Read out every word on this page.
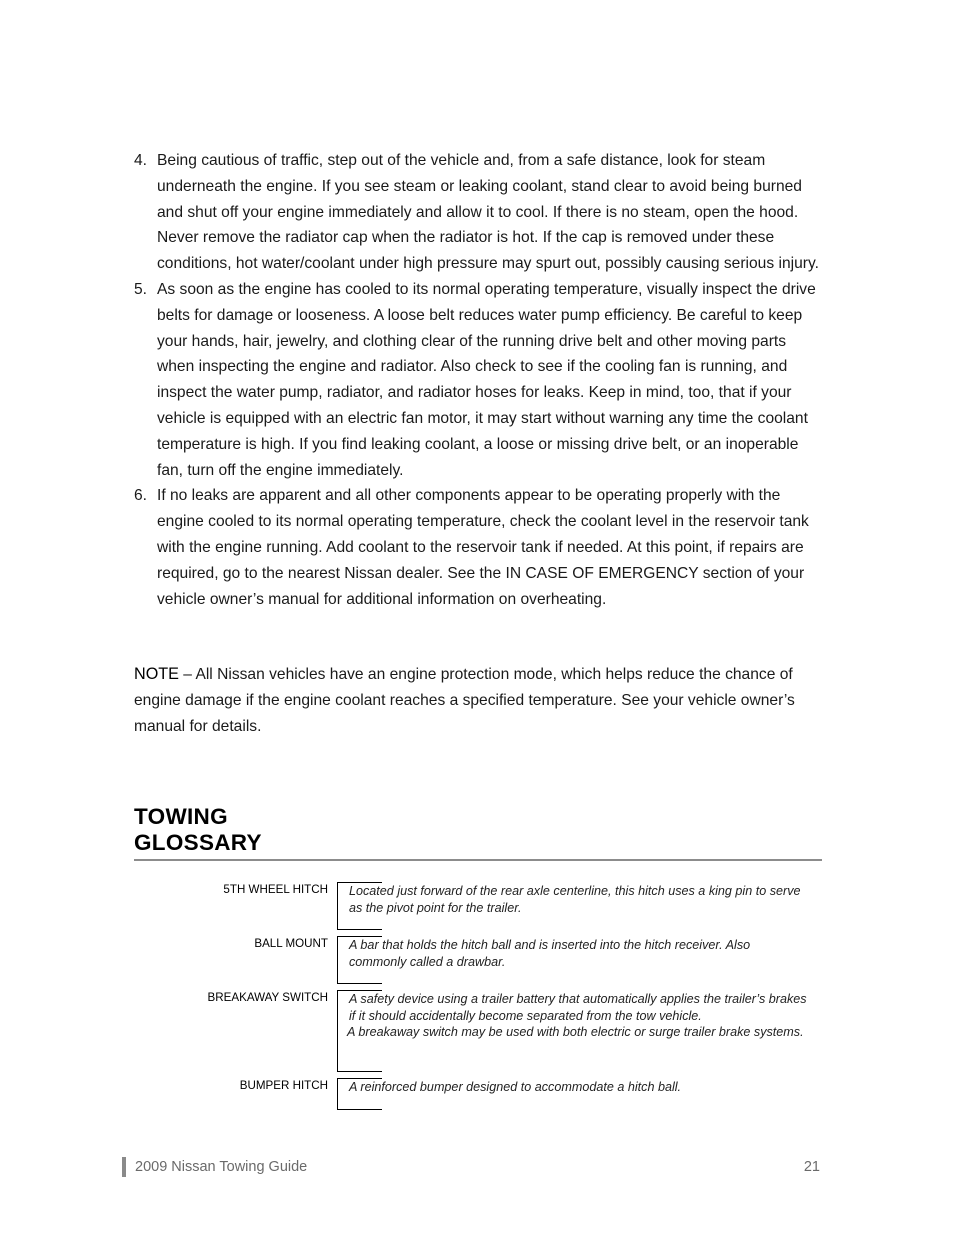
4. Being cautious of traffic, step out of the vehicle and, from a safe distance, look for steam underneath the engine. If you see steam or leaking coolant, stand clear to avoid being burned and shut off your engine immediately and allow it to cool. If there is no steam, open the hood. Never remove the radiator cap when the radiator is hot. If the cap is removed under these conditions, hot water/coolant under high pressure may spurt out, possibly causing serious injury.
5. As soon as the engine has cooled to its normal operating temperature, visually inspect the drive belts for damage or looseness. A loose belt reduces water pump efficiency. Be careful to keep your hands, hair, jewelry, and clothing clear of the running drive belt and other moving parts when inspecting the engine and radiator. Also check to see if the cooling fan is running, and inspect the water pump, radiator, and radiator hoses for leaks. Keep in mind, too, that if your vehicle is equipped with an electric fan motor, it may start without warning any time the coolant temperature is high. If you find leaking coolant, a loose or missing drive belt, or an inoperable fan, turn off the engine immediately.
6. If no leaks are apparent and all other components appear to be operating properly with the engine cooled to its normal operating temperature, check the coolant level in the reservoir tank with the engine running. Add coolant to the reservoir tank if needed. At this point, if repairs are required, go to the nearest Nissan dealer. See the IN CASE OF EMERGENCY section of your vehicle owner’s manual for additional information on overheating.

NOTE – All Nissan vehicles have an engine protection mode, which helps reduce the chance of engine damage if the engine coolant reaches a specified temperature. See your vehicle owner’s manual for details.

TOWING GLOSSARY
5TH WHEEL HITCH Located just forward of the rear axle centerline, this hitch uses a king pin to serve as the pivot point for the trailer.
BALL MOUNT A bar that holds the hitch ball and is inserted into the hitch receiver. Also commonly called a drawbar.
BREAKAWAY SWITCH A safety device using a trailer battery that automatically applies the trailer’s brakes if it should accidentally become separated from the tow vehicle.
A breakaway switch may be used with both electric or surge trailer brake systems.
BUMPER HITCH A reinforced bumper designed to accommodate a hitch ball.
2009 Nissan Towing Guide	21
